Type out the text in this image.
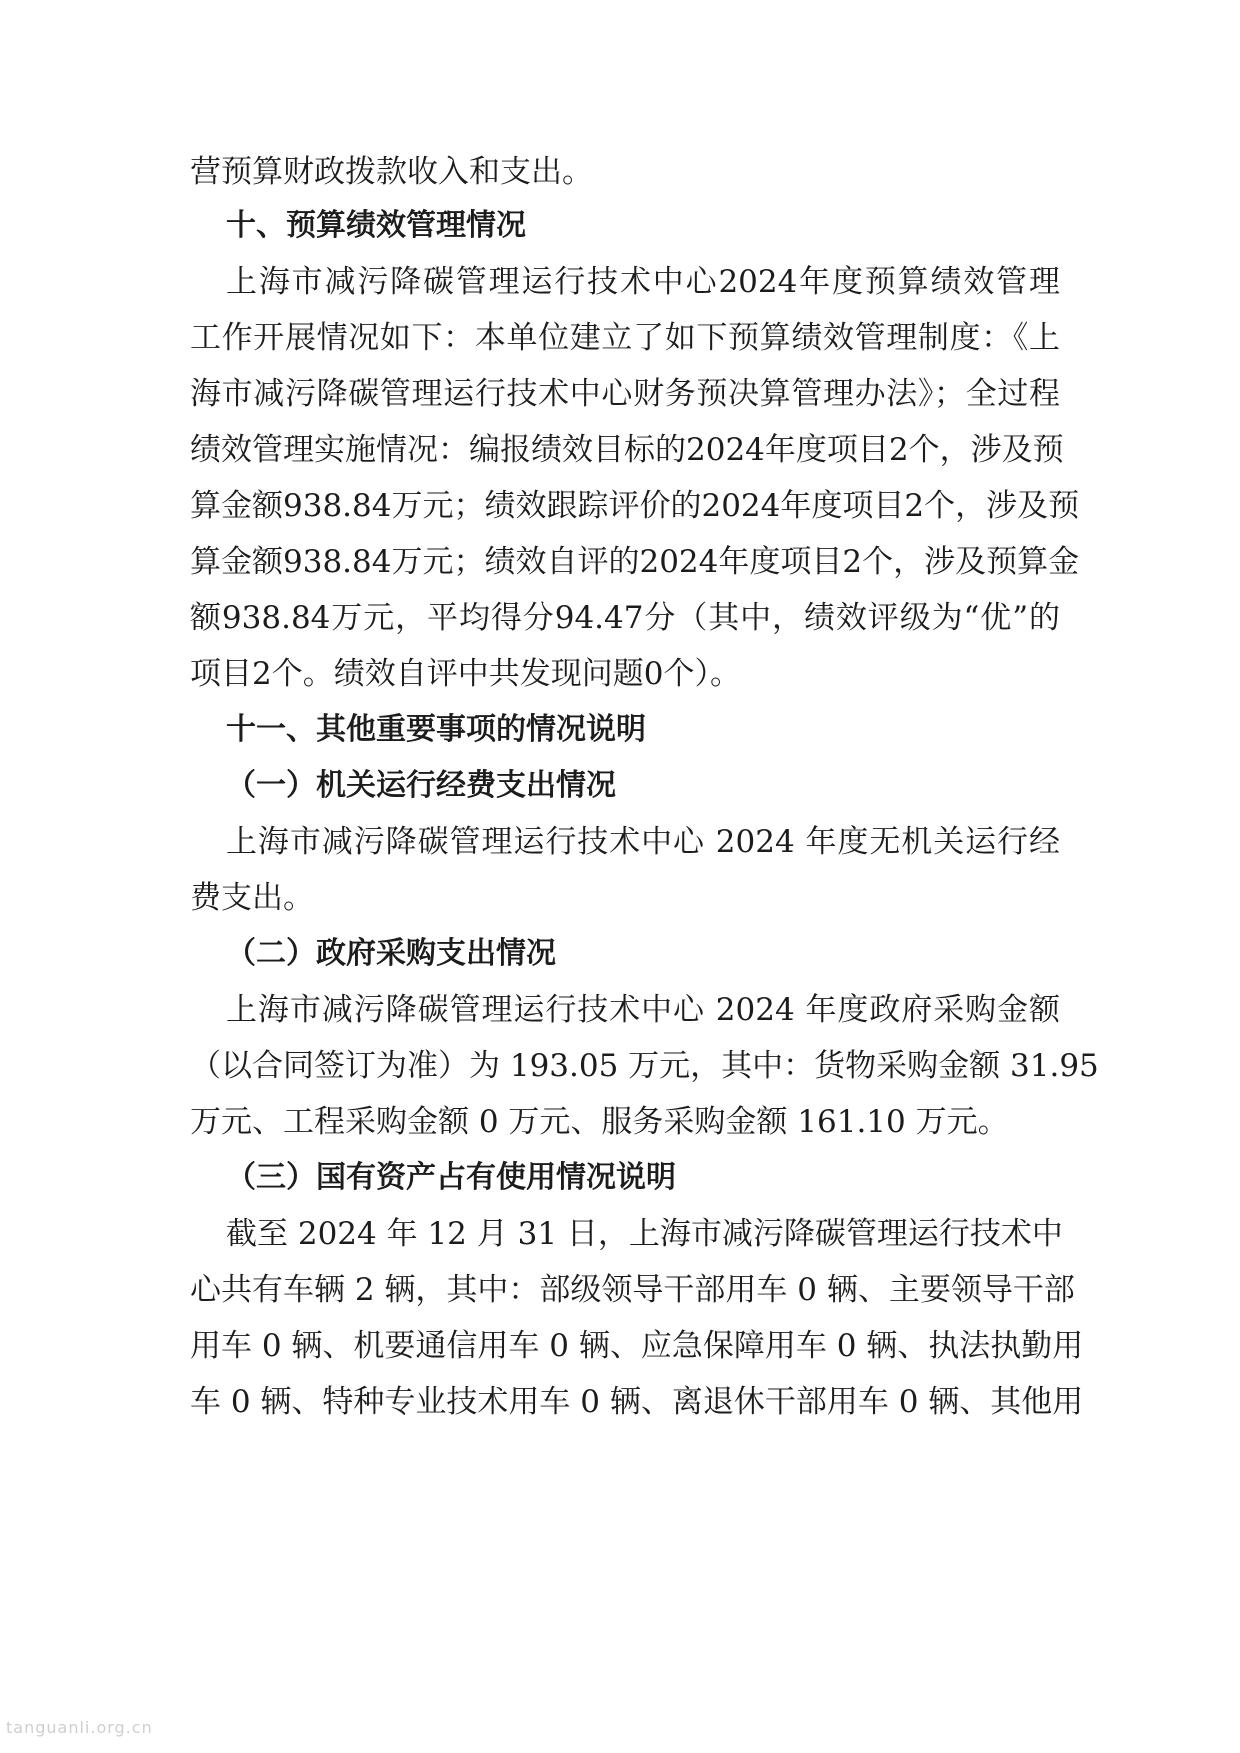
营预算财政拨款收入和支出。
十、预算绩效管理情况
上海市减污降碳管理运行技术中心2024年度预算绩效管理
工作开展情况如下：本单位建立了如下预算绩效管理制度：《上
海市减污降碳管理运行技术中心财务预决算管理办法》；全过程
绩效管理实施情况：编报绩效目标的2024年度项目2个，涉及预
算金额938.84万元；绩效跟踪评价的2024年度项目2个，涉及预
算金额938.84万元；绩效自评的2024年度项目2个，涉及预算金
额938.84万元，平均得分94.47分（其中，绩效评级为“优”的
项目2个。绩效自评中共发现问题0个）。
十一、其他重要事项的情况说明
（一）机关运行经费支出情况
上海市减污降碳管理运行技术中心 2024 年度无机关运行经
费支出。
（二）政府采购支出情况
上海市减污降碳管理运行技术中心 2024 年度政府采购金额
（以合同签订为准）为 193.05 万元，其中：货物采购金额 31.95
万元、工程采购金额 0 万元、服务采购金额 161.10 万元。
（三）国有资产占有使用情况说明
截至 2024 年 12 月 31 日，上海市减污降碳管理运行技术中
心共有车辆 2 辆，其中：部级领导干部用车 0 辆、主要领导干部
用车 0 辆、机要通信用车 0 辆、应急保障用车 0 辆、执法执勤用
车 0 辆、特种专业技术用车 0 辆、离退休干部用车 0 辆、其他用
tanguanli.org.cn
